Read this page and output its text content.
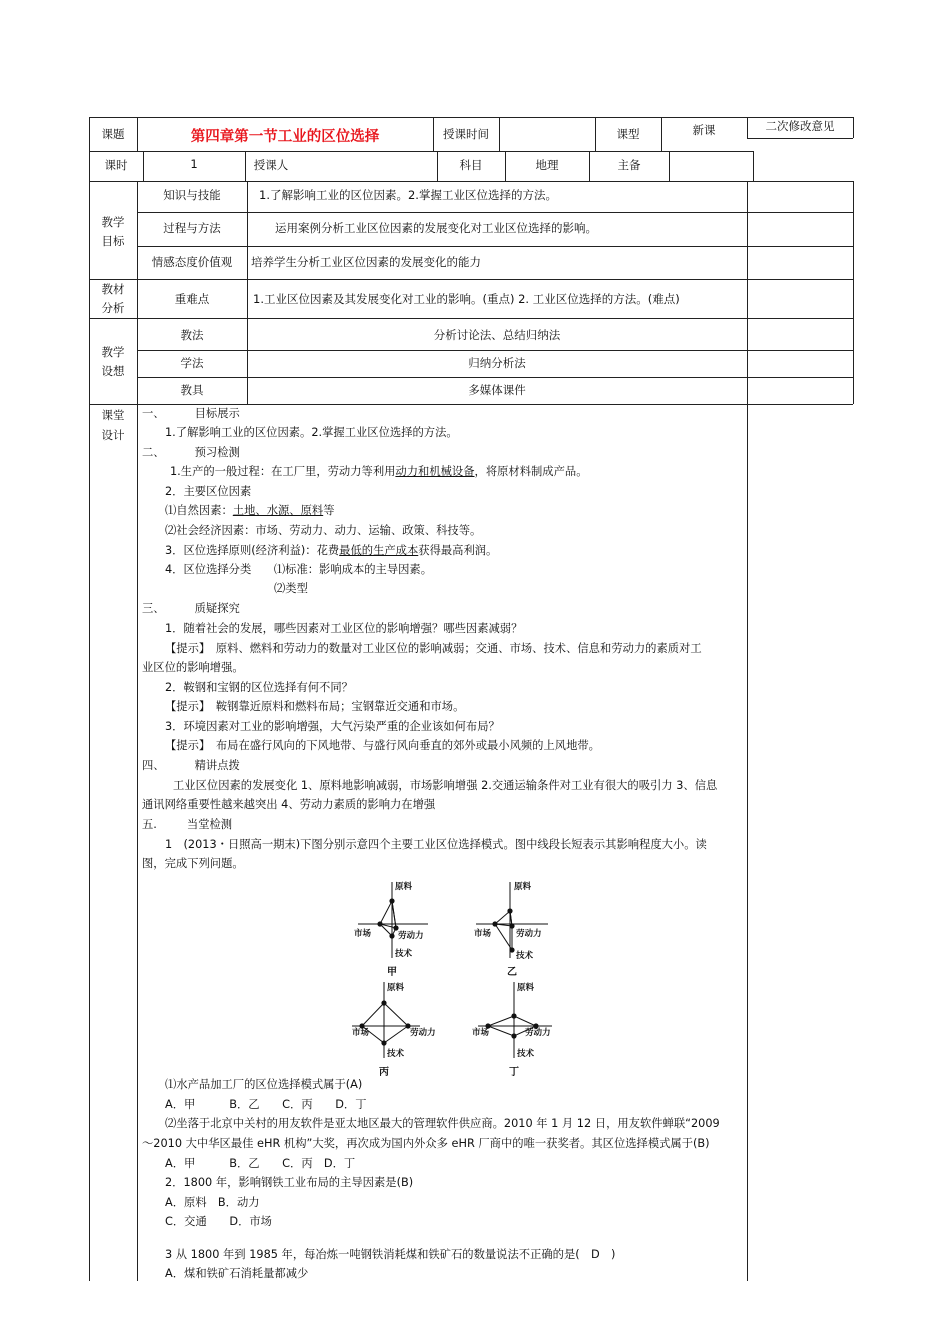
课题	第四章第一节工业的区位选择	授课时间	课型	新课	二次修改意见
课时	1	授课人	科目	地理	主备
教学
目标
知识与技能	1.了解影响工业的区位因素。2.掌握工业区位选择的方法。
过程与方法	运用案例分析工业区位因素的发展变化对工业区位选择的影响。
情感态度价值观	培养学生分析工业区位因素的发展变化的能力
教材
分析
重难点	1.工业区位因素及其发展变化对工业的影响。(重点) 2. 工业区位选择的方法。(难点)
教学
设想
教法	分析讨论法、总结归纳法
学法	归纳分析法
教具	多媒体课件
课堂
设计
一、	目标展示
1.了解影响工业的区位因素。2.掌握工业区位选择的方法。
二、	预习检测
1.生产的一般过程：在工厂里，劳动力等利用动力和机械设备，将原材料制成产品。
2．主要区位因素
⑴自然因素：土地、水源、原料等
⑵社会经济因素：市场、劳动力、动力、运输、政策、科技等。
3．区位选择原则(经济利益)：花费最低的生产成本获得最高利润。
4．区位选择分类　　⑴标准：影响成本的主导因素。
⑵类型
三、	质疑探究
1．随着社会的发展，哪些因素对工业区位的影响增强？哪些因素减弱？
【提示】　 原料、燃料和劳动力的数量对工业区位的影响减弱；交通、市场、技术、信息和劳动力的素质对工
业区位的影响增强。
2．鞍钢和宝钢的区位选择有何不同？
【提示】　 鞍钢靠近原料和燃料布局；宝钢靠近交通和市场。
3．环境因素对工业的影响增强，大气污染严重的企业该如何布局？
【提示】　 布局在盛行风向的下风地带、与盛行风向垂直的郊外或最小风频的上风地带。
四、	精讲点拨
工业区位因素的发展变化 1、原料地影响减弱，市场影响增强 2.交通运输条件对工业有很大的吸引力 3、信息
通讯网络重要性越来越突出 4、劳动力素质的影响力在增强
五.	当堂检测
1　(2013・日照高一期末)下图分别示意四个主要工业区位选择模式。图中线段长短表示其影响程度大小。读
图，完成下列问题。
原料
市场	劳动力
技术
甲
原料
市场	劳动力
技术
乙
原料
市场	劳动力
技术
丙
原料
市场	劳动力
技术
丁
⑴水产品加工厂的区位选择模式属于(A)
A．甲　　　B．乙　　C．丙　　D．丁
⑵坐落于北京中关村的用友软件是亚太地区最大的管理软件供应商。2010 年 1 月 12 日，用友软件蝉联“2009
～2010 大中华区最佳 eHR 机构”大奖，再次成为国内外众多 eHR 厂商中的唯一获奖者。其区位选择模式属于(B)
A．甲　　　B．乙　　C．丙　D．丁
2．1800 年，影响钢铁工业布局的主导因素是(B)
A．原料　B．动力
C．交通　　D．市场
3 从 1800 年到 1985 年，每冶炼一吨钢铁消耗煤和铁矿石的数量说法不正确的是(　D　)
A．煤和铁矿石消耗量都减少
